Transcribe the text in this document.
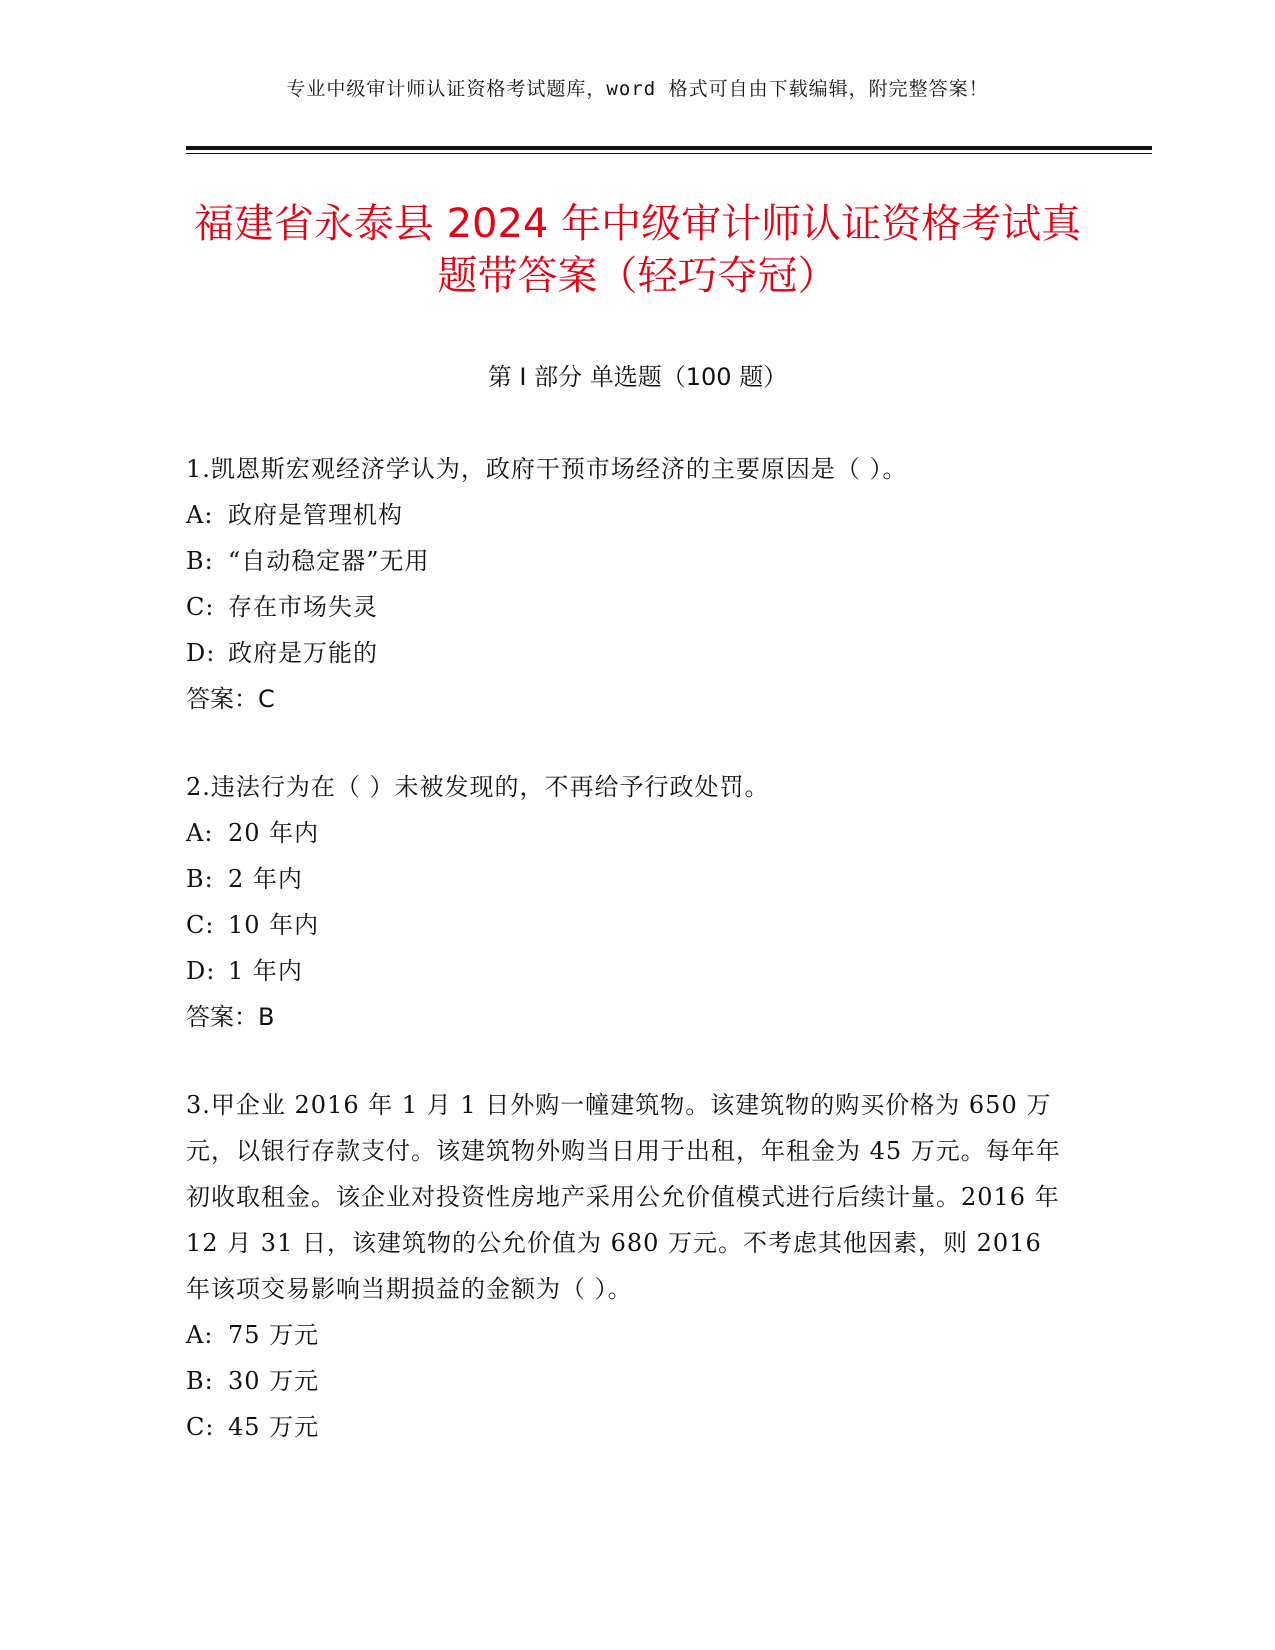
专业中级审计师认证资格考试题库，word 格式可自由下载编辑，附完整答案！
福建省永泰县 2024 年中级审计师认证资格考试真题带答案（轻巧夺冠）
第 I 部分 单选题（100 题）
1.凯恩斯宏观经济学认为，政府干预市场经济的主要原因是（ ）。
A: 政府是管理机构
B: “自动稳定器”无用
C: 存在市场失灵
D: 政府是万能的
答案：C
2.违法行为在（ ）未被发现的，不再给予行政处罚。
A: 20 年内
B: 2 年内
C: 10 年内
D: 1 年内
答案：B
3.甲企业 2016 年 1 月 1 日外购一幢建筑物。该建筑物的购买价格为 650 万元，以银行存款支付。该建筑物外购当日用于出租，年租金为 45 万元。每年年初收取租金。该企业对投资性房地产采用公允价值模式进行后续计量。2016 年 12 月 31 日，该建筑物的公允价值为 680 万元。不考虑其他因素，则 2016 年该项交易影响当期损益的金额为（ ）。
A: 75 万元
B: 30 万元
C: 45 万元
